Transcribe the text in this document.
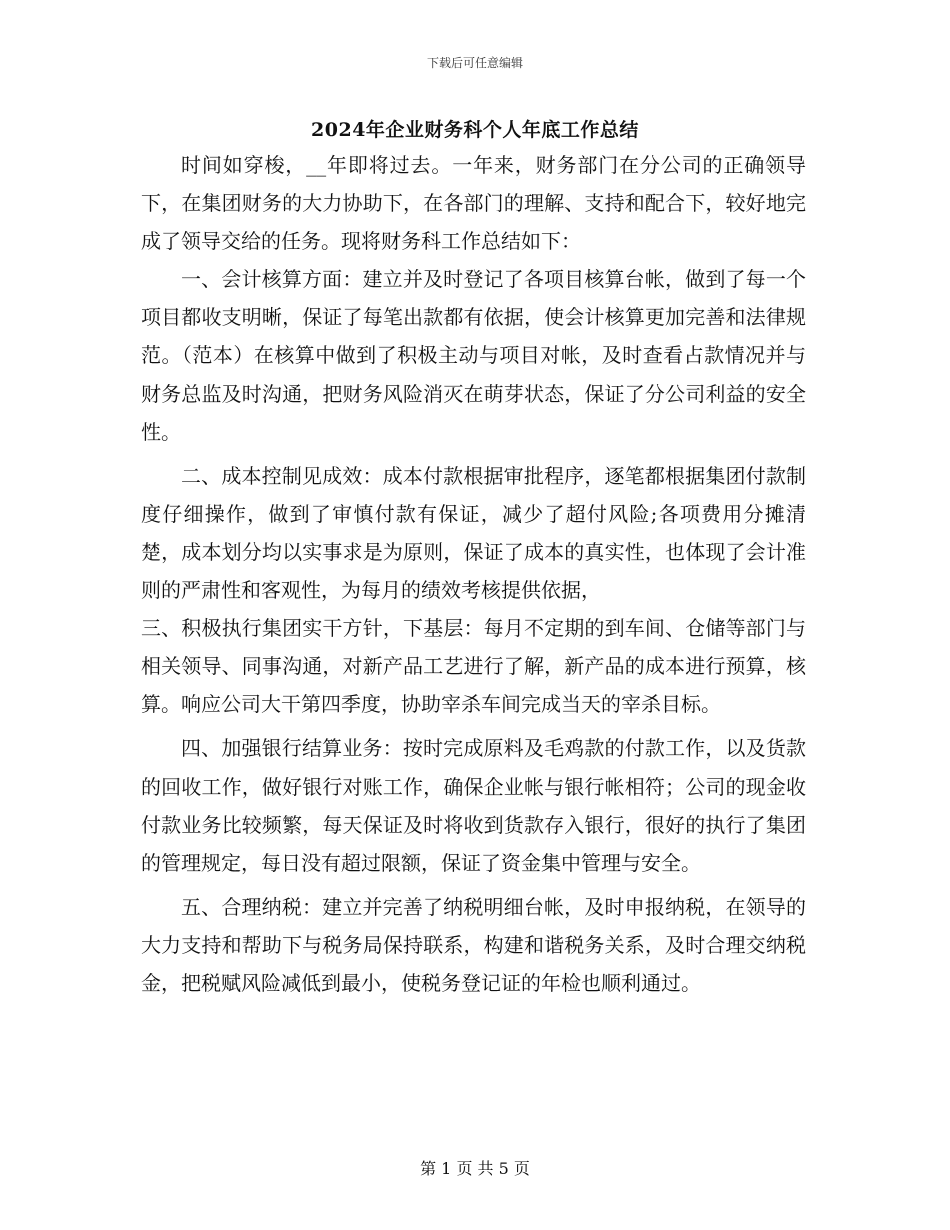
下载后可任意编辑
2024年企业财务科个人年底工作总结

时间如穿梭，__年即将过去。一年来，财务部门在分公司的正确领导下，在集团财务的大力协助下，在各部门的理解、支持和配合下，较好地完成了领导交给的任务。现将财务科工作总结如下：

一、会计核算方面：建立并及时登记了各项目核算台帐，做到了每一个项目都收支明晰，保证了每笔出款都有依据，使会计核算更加完善和法律规范。（范本）在核算中做到了积极主动与项目对帐，及时查看占款情况并与财务总监及时沟通，把财务风险消灭在萌芽状态，保证了分公司利益的安全性。

二、成本控制见成效：成本付款根据审批程序，逐笔都根据集团付款制度仔细操作，做到了审慎付款有保证，减少了超付风险;各项费用分摊清楚，成本划分均以实事求是为原则，保证了成本的真实性，也体现了会计准则的严肃性和客观性，为每月的绩效考核提供依据，

三、积极执行集团实干方针，下基层：每月不定期的到车间、仓储等部门与相关领导、同事沟通，对新产品工艺进行了解，新产品的成本进行预算，核算。响应公司大干第四季度，协助宰杀车间完成当天的宰杀目标。

四、加强银行结算业务：按时完成原料及毛鸡款的付款工作，以及货款的回收工作，做好银行对账工作，确保企业帐与银行帐相符；公司的现金收付款业务比较频繁，每天保证及时将收到货款存入银行，很好的执行了集团的管理规定，每日没有超过限额，保证了资金集中管理与安全。

五、合理纳税：建立并完善了纳税明细台帐，及时申报纳税，在领导的大力支持和帮助下与税务局保持联系，构建和谐税务关系，及时合理交纳税金，把税赋风险减低到最小，使税务登记证的年检也顺利通过。

第 1 页 共 5 页
